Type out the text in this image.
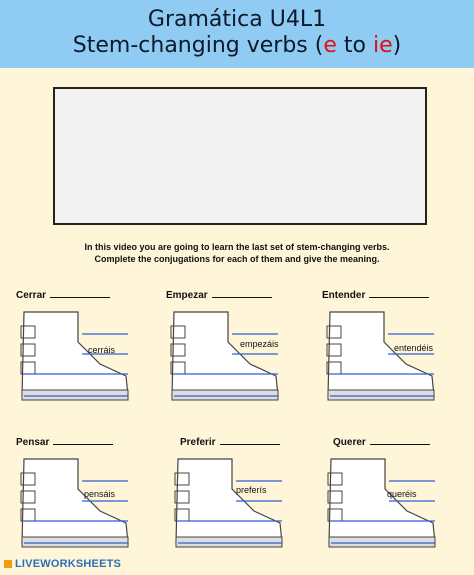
Gramática U4L1

Stem-changing verbs (e to ie)

In this video you are going to learn the last set of stem-changing verbs.
Complete the conjugations for each of them and give the meaning.
Cerrar
cerráis
Empezar
empezáis
Entender
entendéis
Pensar
pensáis
Preferir
preferís
Querer
queréis
LIVEWORKSHEETS
